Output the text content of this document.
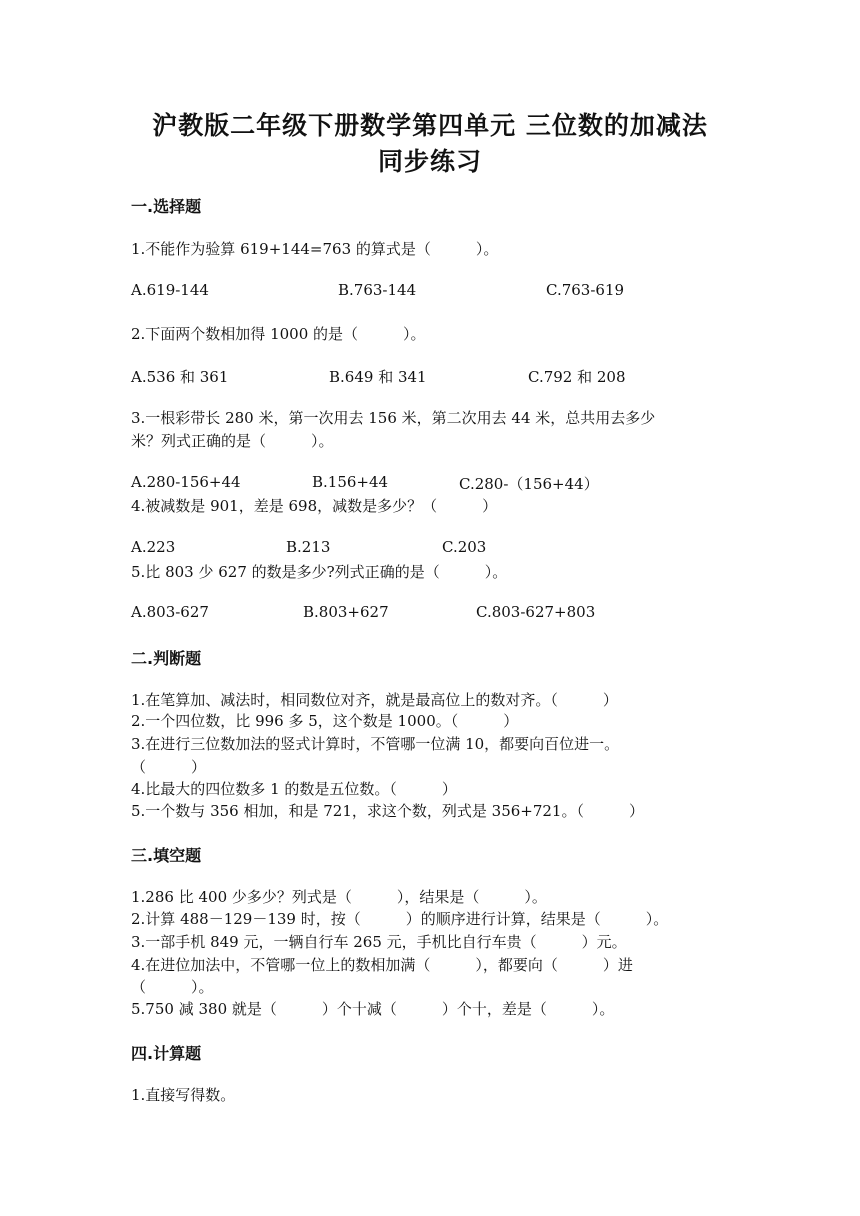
沪教版二年级下册数学第四单元 三位数的加减法
同步练习
一.选择题
1.不能作为验算 619+144=763 的算式是（　　　）。
A.619-144	B.763-144	C.763-619
2.下面两个数相加得 1000 的是（　　　）。
A.536 和 361	B.649 和 341	C.792 和 208
3.一根彩带长 280 米，第一次用去 156 米，第二次用去 44 米，总共用去多少
米？列式正确的是（　　　）。
A.280-156+44	B.156+44	C.280-（156+44）
4.被减数是 901，差是 698，减数是多少？（　　　）
A.223	B.213	C.203
5.比 803 少 627 的数是多少?列式正确的是（　　　）。
A.803-627	B.803+627	C.803-627+803
二.判断题
1.在笔算加、减法时，相同数位对齐，就是最高位上的数对齐。（　　　）
2.一个四位数，比 996 多 5，这个数是 1000。（　　　）
3.在进行三位数加法的竖式计算时，不管哪一位满 10，都要向百位进一。
（　　　）
4.比最大的四位数多 1 的数是五位数。（　　　）
5.一个数与 356 相加，和是 721，求这个数，列式是 356+721。（　　　）
三.填空题
1.286 比 400 少多少？列式是（　　　），结果是（　　　）。
2.计算 488－129－139 时，按（　　　）的顺序进行计算，结果是（　　　）。
3.一部手机 849 元，一辆自行车 265 元，手机比自行车贵（　　　）元。
4.在进位加法中，不管哪一位上的数相加满（　　　），都要向（　　　）进
（　　　）。
5.750 减 380 就是（　　　）个十减（　　　）个十，差是（　　　）。
四.计算题
1.直接写得数。
